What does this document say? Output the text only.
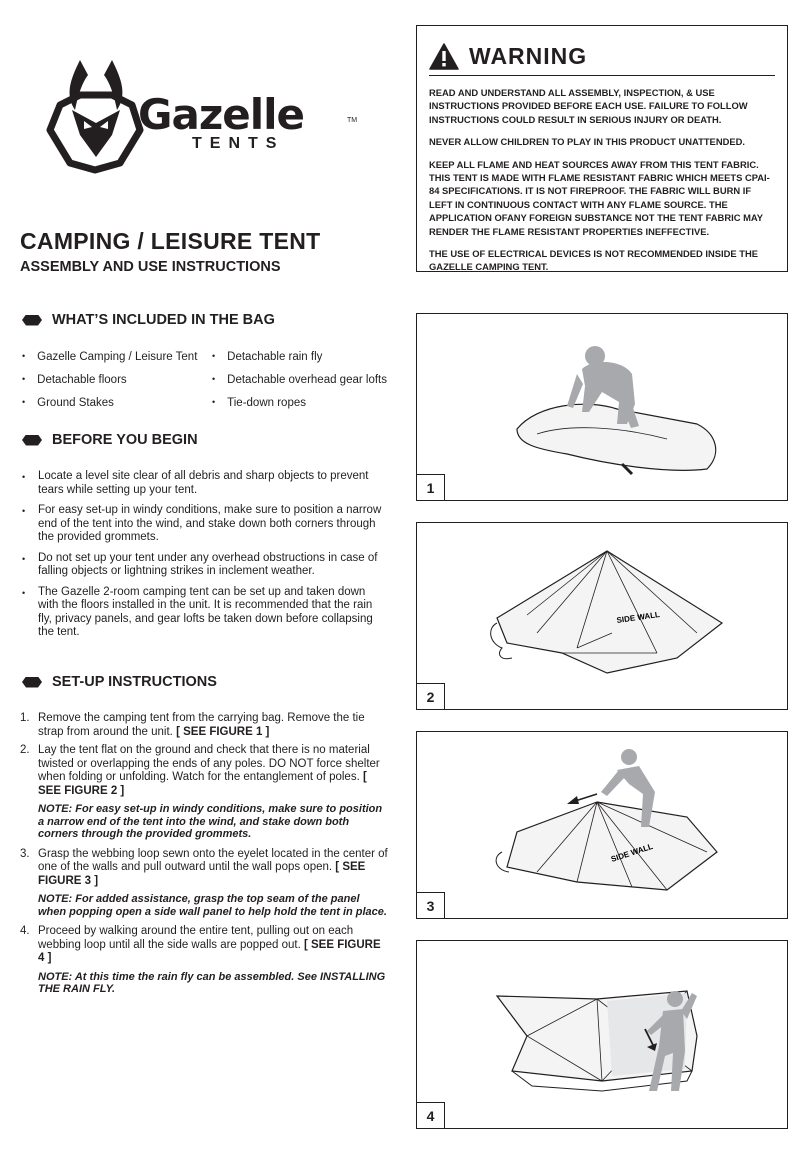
Gazelle	TM
TENTS
CAMPING / LEISURE TENT
ASSEMBLY AND USE INSTRUCTIONS
WARNING

READ AND UNDERSTAND ALL ASSEMBLY, INSPECTION, & USE INSTRUCTIONS PROVIDED BEFORE EACH USE. FAILURE TO FOLLOW INSTRUCTIONS COULD RESULT IN SERIOUS INJURY OR DEATH.

NEVER ALLOW CHILDREN TO PLAY IN THIS PRODUCT UNATTENDED.

KEEP ALL FLAME AND HEAT SOURCES AWAY FROM THIS TENT FABRIC. THIS TENT IS MADE WITH FLAME RESISTANT FABRIC WHICH MEETS CPAI-84 SPECIFICATIONS. IT IS NOT FIREPROOF. THE FABRIC WILL BURN IF LEFT IN CONTINUOUS CONTACT WITH ANY FLAME SOURCE. THE APPLICATION OFANY FOREIGN SUBSTANCE NOT THE TENT FABRIC MAY RENDER THE FLAME RESISTANT PROPERTIES INEFFECTIVE.

THE USE OF ELECTRICAL DEVICES IS NOT RECOMMENDED INSIDE THE GAZELLE CAMPING TENT.

WHAT’S INCLUDED IN THE BAG
• Gazelle Camping / Leisure Tent
• Detachable floors
• Ground Stakes
• Detachable rain fly
• Detachable overhead gear lofts
• Tie-down ropes
BEFORE YOU BEGIN
• Locate a level site clear of all debris and sharp objects to prevent tears while setting up your tent.
• For easy set-up in windy conditions, make sure to position a narrow end of the tent into the wind, and stake down both corners through the provided grommets.
• Do not set up your tent under any overhead obstructions in case of falling objects or lightning strikes in inclement weather.
• The Gazelle 2-room camping tent can be set up and taken down with the floors installed in the unit. It is recommended that the rain fly, privacy panels, and gear lofts be taken down before collapsing the tent.
SET-UP INSTRUCTIONS
1. Remove the camping tent from the carrying bag. Remove the tie strap from around the unit. [ SEE FIGURE 1 ]
2. Lay the tent flat on the ground and check that there is no material twisted or overlapping the ends of any poles. DO NOT force shelter when folding or unfolding. Watch for the entanglement of poles. [ SEE FIGURE 2 ]
NOTE: For easy set-up in windy conditions, make sure to position a narrow end of the tent into the wind, and stake down both corners through the provided grommets.
3. Grasp the webbing loop sewn onto the eyelet located in the center of one of the walls and pull outward until the wall pops open. [ SEE FIGURE 3 ]
NOTE: For added assistance, grasp the top seam of the panel when popping open a side wall panel to help hold the tent in place.
4. Proceed by walking around the entire tent, pulling out on each webbing loop until all the side walls are popped out. [ SEE FIGURE 4 ]
NOTE: At this time the rain fly can be assembled. See INSTALLING THE RAIN FLY.
1
SIDE WALL
2
SIDE WALL
3
4
